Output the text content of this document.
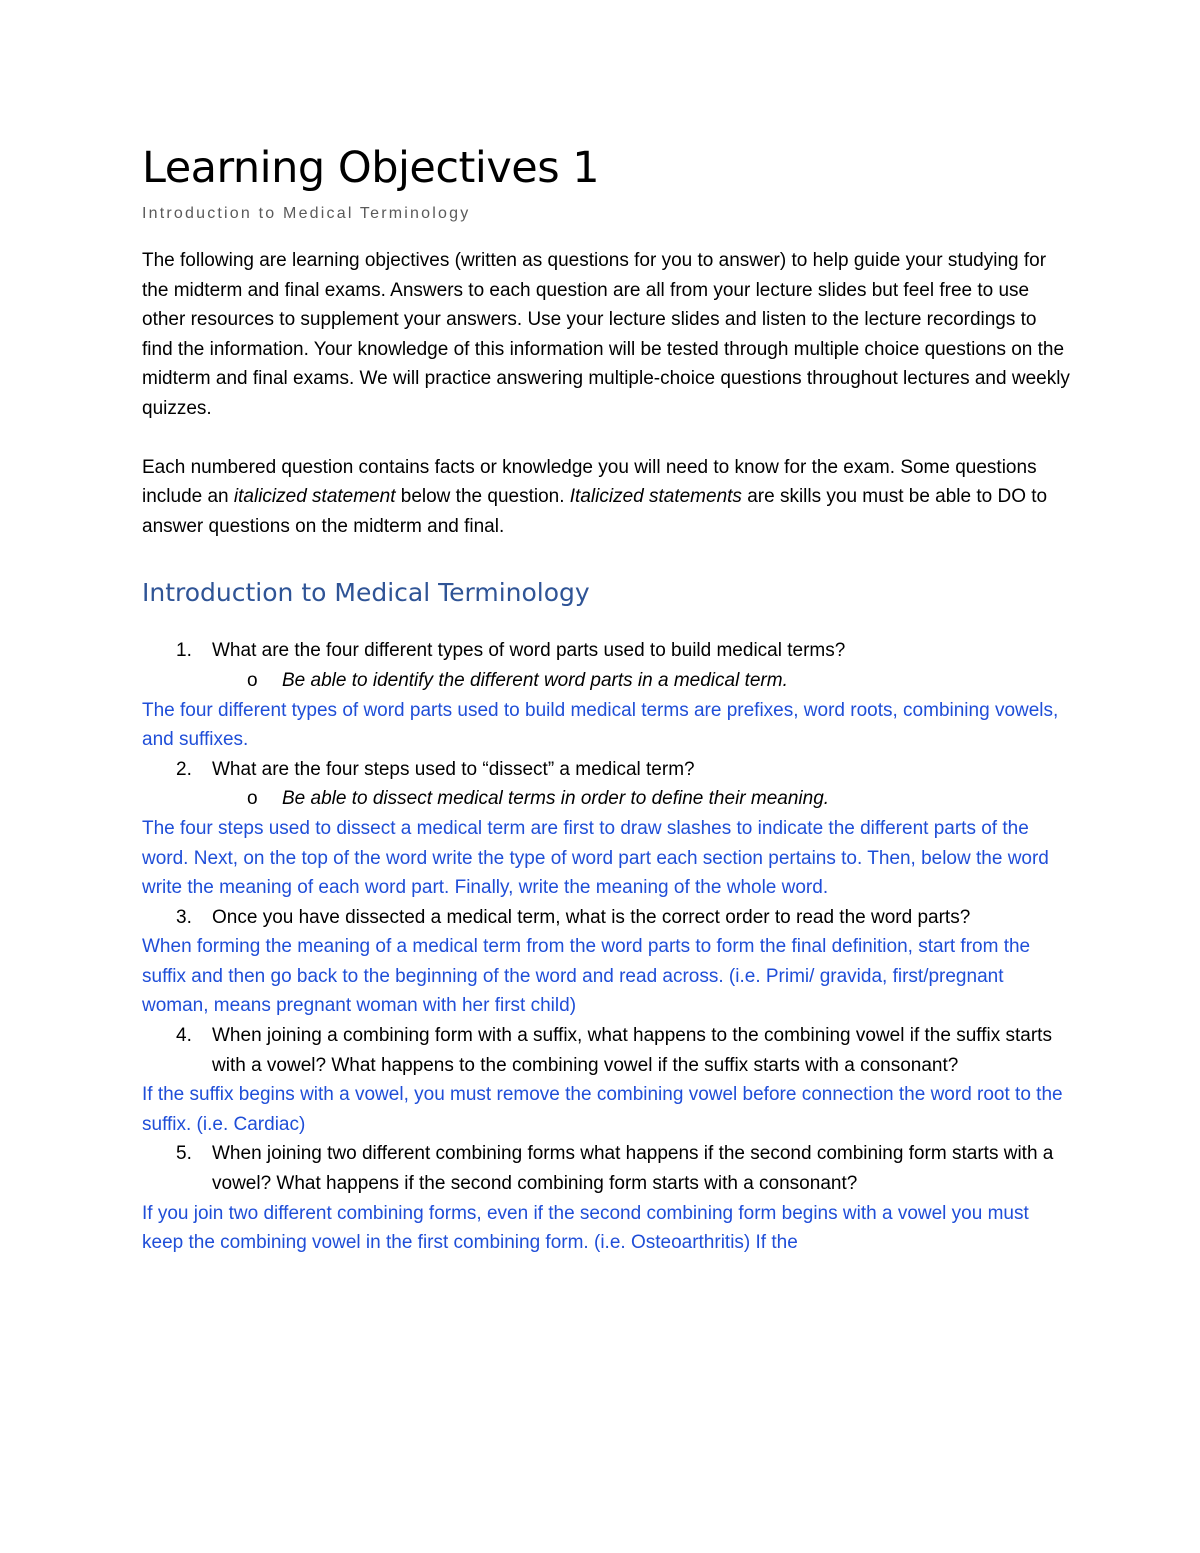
Learning Objectives 1
Introduction to Medical Terminology

The following are learning objectives (written as questions for you to answer) to help guide your studying for the midterm and final exams. Answers to each question are all from your lecture slides but feel free to use other resources to supplement your answers. Use your lecture slides and listen to the lecture recordings to find the information. Your knowledge of this information will be tested through multiple choice questions on the midterm and final exams. We will practice answering multiple-choice questions throughout lectures and weekly quizzes.

Each numbered question contains facts or knowledge you will need to know for the exam. Some questions include an italicized statement below the question. Italicized statements are skills you must be able to DO to answer questions on the midterm and final.

Introduction to Medical Terminology
1.	What are the four different types of word parts used to build medical terms?
o Be able to identify the different word parts in a medical term.
The four different types of word parts used to build medical terms are prefixes, word roots, combining vowels, and suffixes.
2.	What are the four steps used to “dissect” a medical term?
o Be able to dissect medical terms in order to define their meaning.
The four steps used to dissect a medical term are first to draw slashes to indicate the different parts of the word. Next, on the top of the word write the type of word part each section pertains to. Then, below the word write the meaning of each word part. Finally, write the meaning of the whole word.
3.	Once you have dissected a medical term, what is the correct order to read the word parts?
When forming the meaning of a medical term from the word parts to form the final definition, start from the suffix and then go back to the beginning of the word and read across. (i.e. Primi/ gravida, first/pregnant woman, means pregnant woman with her first child)
4.	When joining a combining form with a suffix, what happens to the combining vowel if the suffix starts with a vowel? What happens to the combining vowel if the suffix starts with a consonant?
If the suffix begins with a vowel, you must remove the combining vowel before connection the word root to the suffix. (i.e. Cardiac)
5.	When joining two different combining forms what happens if the second combining form starts with a vowel? What happens if the second combining form starts with a consonant?
If you join two different combining forms, even if the second combining form begins with a vowel you must keep the combining vowel in the first combining form. (i.e. Osteoarthritis) If the
